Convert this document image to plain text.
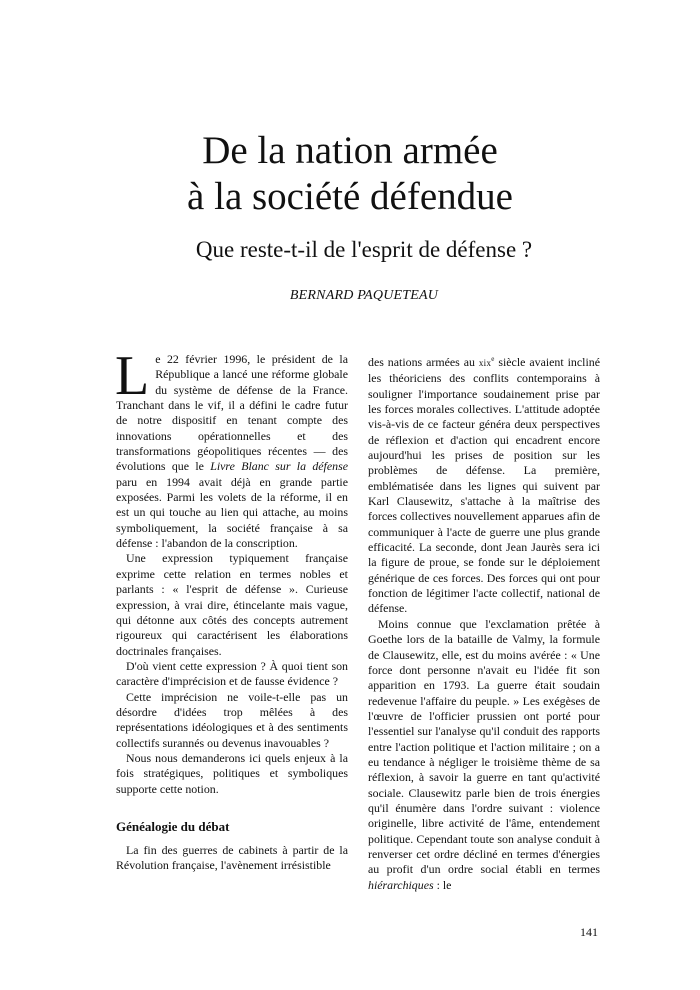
De la nation armée
à la société défendue
Que reste-t-il de l'esprit de défense ?
BERNARD PAQUETEAU

Le 22 février 1996, le président de la République a lancé une réforme globale du système de défense de la France. Tranchant dans le vif, il a défini le cadre futur de notre dispositif en tenant compte des innovations opérationnelles et des transformations géopolitiques récentes — des évolutions que le Livre Blanc sur la défense paru en 1994 avait déjà en grande partie exposées. Parmi les volets de la réforme, il en est un qui touche au lien qui attache, au moins symboliquement, la société française à sa défense : l'abandon de la conscription.

Une expression typiquement française exprime cette relation en termes nobles et parlants : « l'esprit de défense ». Curieuse expression, à vrai dire, étincelante mais vague, qui détonne aux côtés des concepts autrement rigoureux qui caractérisent les élaborations doctrinales françaises.

D'où vient cette expression ? À quoi tient son caractère d'imprécision et de fausse évidence ?

Cette imprécision ne voile-t-elle pas un désordre d'idées trop mêlées à des représentations idéologiques et à des sentiments collectifs surannés ou devenus inavouables ?

Nous nous demanderons ici quels enjeux à la fois stratégiques, politiques et symboliques supporte cette notion.

Généalogie du débat

La fin des guerres de cabinets à partir de la Révolution française, l'avènement irrésistible

des nations armées au xix$^e$ siècle avaient incliné les théoriciens des conflits contemporains à souligner l'importance soudainement prise par les forces morales collectives. L'attitude adoptée vis-à-vis de ce facteur généra deux perspectives de réflexion et d'action qui encadrent encore aujourd'hui les prises de position sur les problèmes de défense. La première, emblématisée dans les lignes qui suivent par Karl Clausewitz, s'attache à la maîtrise des forces collectives nouvellement apparues afin de communiquer à l'acte de guerre une plus grande efficacité. La seconde, dont Jean Jaurès sera ici la figure de proue, se fonde sur le déploiement générique de ces forces. Des forces qui ont pour fonction de légitimer l'acte collectif, national de défense.

Moins connue que l'exclamation prêtée à Goethe lors de la bataille de Valmy, la formule de Clausewitz, elle, est du moins avérée : « Une force dont personne n'avait eu l'idée fit son apparition en 1793. La guerre était soudain redevenue l'affaire du peuple. » Les exégèses de l'œuvre de l'officier prussien ont porté pour l'essentiel sur l'analyse qu'il conduit des rapports entre l'action politique et l'action militaire ; on a eu tendance à négliger le troisième thème de sa réflexion, à savoir la guerre en tant qu'activité sociale. Clausewitz parle bien de trois énergies qu'il énumère dans l'ordre suivant : violence originelle, libre activité de l'âme, entendement politique. Cependant toute son analyse conduit à renverser cet ordre décliné en termes d'énergies au profit d'un ordre social établi en termes hiérarchiques : le

141
